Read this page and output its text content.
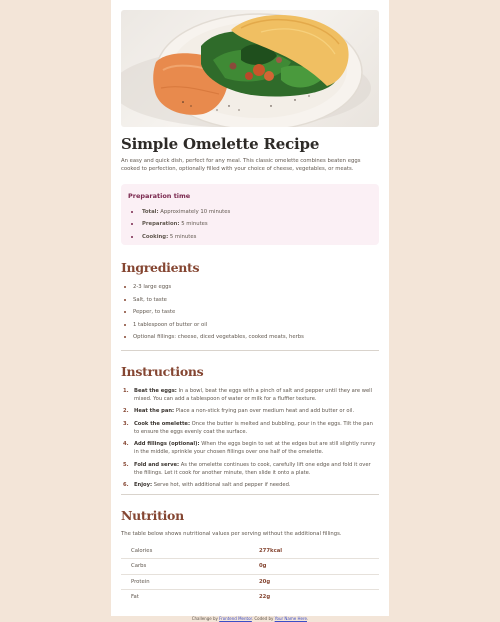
Simple Omelette Recipe

An easy and quick dish, perfect for any meal. This classic omelette combines beaten eggs cooked to perfection, optionally filled with your choice of cheese, vegetables, or meats.

Preparation time
Total: Approximately 10 minutes
Preparation: 5 minutes
Cooking: 5 minutes
Ingredients
2-3 large eggs
Salt, to taste
Pepper, to taste
1 tablespoon of butter or oil
Optional fillings: cheese, diced vegetables, cooked meats, herbs
Instructions
1. Beat the eggs: In a bowl, beat the eggs with a pinch of salt and pepper until they are well mixed. You can add a tablespoon of water or milk for a fluffier texture.
2. Heat the pan: Place a non-stick frying pan over medium heat and add butter or oil.
3. Cook the omelette: Once the butter is melted and bubbling, pour in the eggs. Tilt the pan to ensure the eggs evenly coat the surface.
4. Add fillings (optional): When the eggs begin to set at the edges but are still slightly runny in the middle, sprinkle your chosen fillings over one half of the omelette.
5. Fold and serve: As the omelette continues to cook, carefully lift one edge and fold it over the fillings. Let it cook for another minute, then slide it onto a plate.
6. Enjoy: Serve hot, with additional salt and pepper if needed.
Nutrition

The table below shows nutritional values per serving without the additional fillings.

Calories	277kcal
Carbs	0g
Protein	20g
Fat	22g
Challenge by Frontend Mentor. Coded by Your Name Here.
